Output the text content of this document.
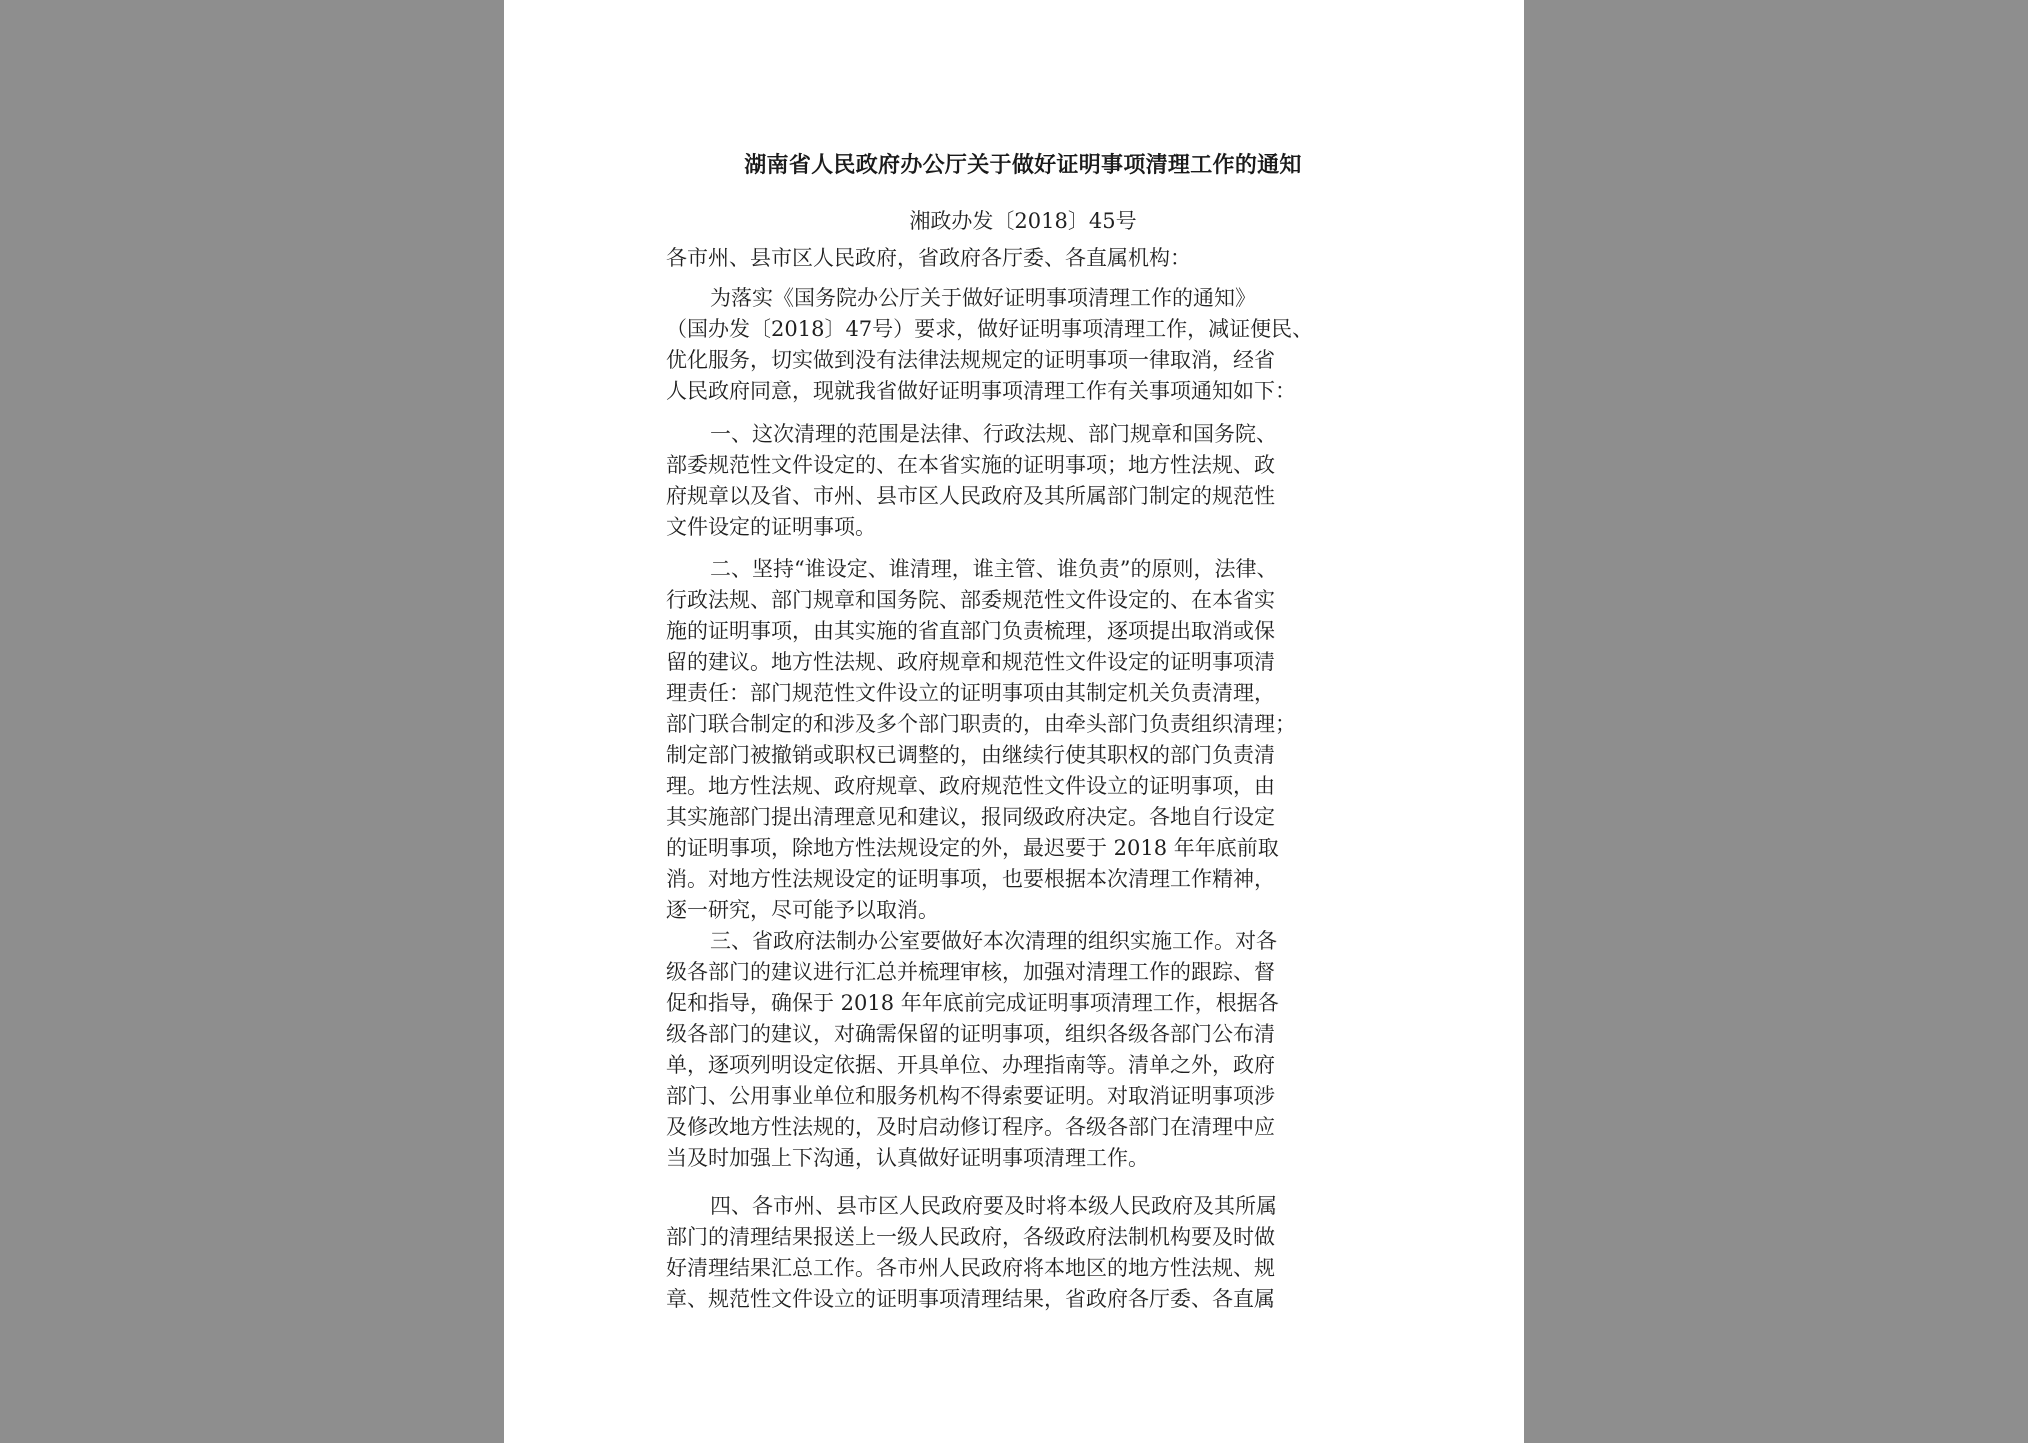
湖南省人民政府办公厅关于做好证明事项清理工作的通知
湘政办发〔2018〕45号
各市州、县市区人民政府，省政府各厅委、各直属机构：
为落实《国务院办公厅关于做好证明事项清理工作的通知》
（国办发〔2018〕47号）要求，做好证明事项清理工作，减证便民、
优化服务，切实做到没有法律法规规定的证明事项一律取消，经省
人民政府同意，现就我省做好证明事项清理工作有关事项通知如下：
一、这次清理的范围是法律、行政法规、部门规章和国务院、
部委规范性文件设定的、在本省实施的证明事项；地方性法规、政
府规章以及省、市州、县市区人民政府及其所属部门制定的规范性
文件设定的证明事项。
二、坚持“谁设定、谁清理，谁主管、谁负责”的原则，法律、
行政法规、部门规章和国务院、部委规范性文件设定的、在本省实
施的证明事项，由其实施的省直部门负责梳理，逐项提出取消或保
留的建议。地方性法规、政府规章和规范性文件设定的证明事项清
理责任：部门规范性文件设立的证明事项由其制定机关负责清理，
部门联合制定的和涉及多个部门职责的，由牵头部门负责组织清理；
制定部门被撤销或职权已调整的，由继续行使其职权的部门负责清
理。地方性法规、政府规章、政府规范性文件设立的证明事项，由
其实施部门提出清理意见和建议，报同级政府决定。各地自行设定
的证明事项，除地方性法规设定的外，最迟要于 2018 年年底前取
消。对地方性法规设定的证明事项，也要根据本次清理工作精神，
逐一研究，尽可能予以取消。
三、省政府法制办公室要做好本次清理的组织实施工作。对各
级各部门的建议进行汇总并梳理审核，加强对清理工作的跟踪、督
促和指导，确保于 2018 年年底前完成证明事项清理工作，根据各
级各部门的建议，对确需保留的证明事项，组织各级各部门公布清
单，逐项列明设定依据、开具单位、办理指南等。清单之外，政府
部门、公用事业单位和服务机构不得索要证明。对取消证明事项涉
及修改地方性法规的，及时启动修订程序。各级各部门在清理中应
当及时加强上下沟通，认真做好证明事项清理工作。
四、各市州、县市区人民政府要及时将本级人民政府及其所属
部门的清理结果报送上一级人民政府，各级政府法制机构要及时做
好清理结果汇总工作。各市州人民政府将本地区的地方性法规、规
章、规范性文件设立的证明事项清理结果，省政府各厅委、各直属
